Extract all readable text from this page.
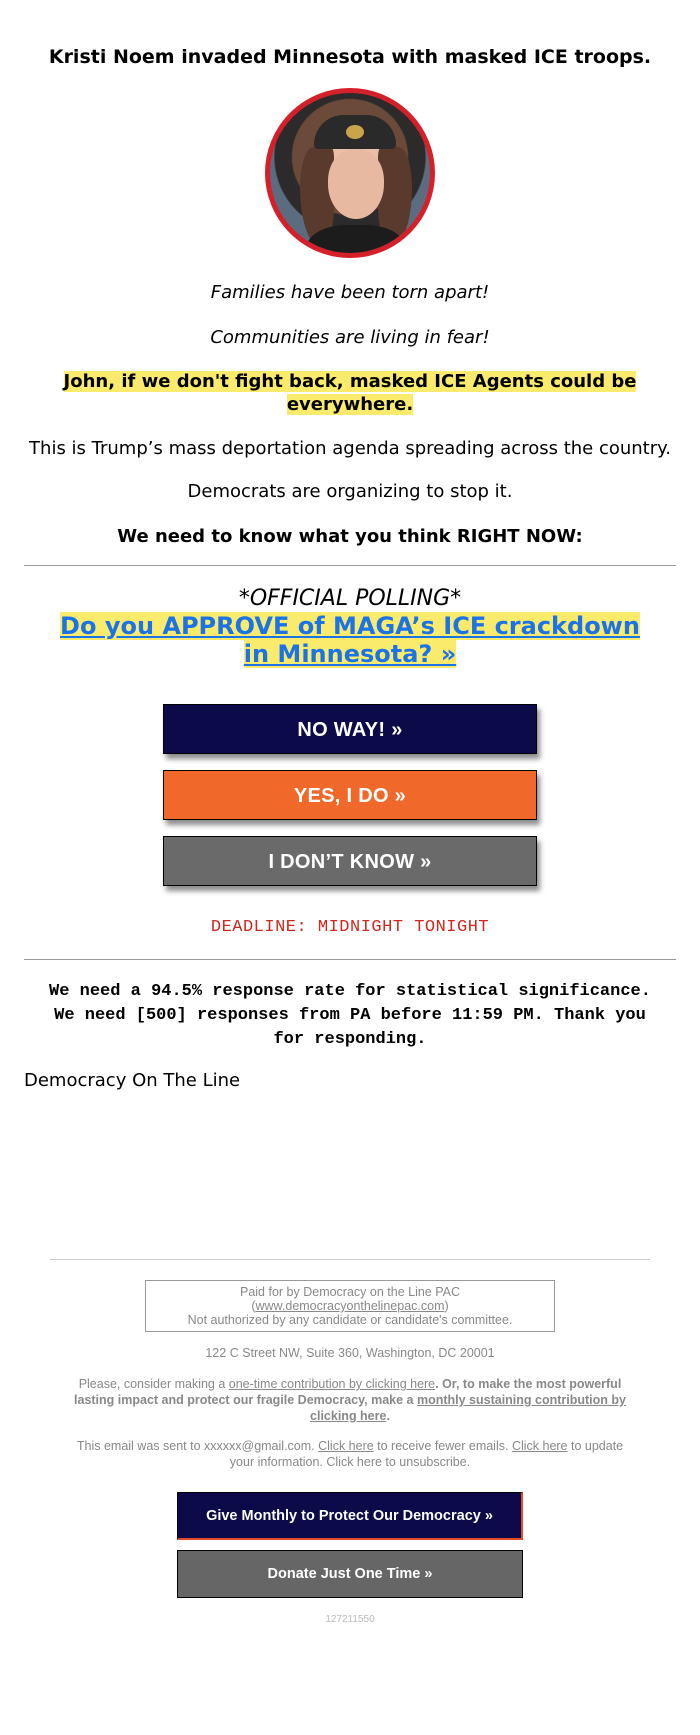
Kristi Noem invaded Minnesota with masked ICE troops.
Families have been torn apart!
Communities are living in fear!
John, if we don't fight back, masked ICE Agents could be everywhere.
This is Trump’s mass deportation agenda spreading across the country.
Democrats are organizing to stop it.
We need to know what you think RIGHT NOW:
*OFFICIAL POLLING*
Do you APPROVE of MAGA’s ICE crackdown in Minnesota? »
NO WAY! »
YES, I DO »
I DON’T KNOW »
DEADLINE: MIDNIGHT TONIGHT
We need a 94.5% response rate for statistical significance. We need [500] responses from PA before 11:59 PM. Thank you for responding.
Democracy On The Line
Paid for by Democracy on the Line PAC
(www.democracyonthelinepac.com)
Not authorized by any candidate or candidate's committee.
122 C Street NW, Suite 360, Washington, DC 20001
Please, consider making a one-time contribution by clicking here. Or, to make the most powerful lasting impact and protect our fragile Democracy, make a monthly sustaining contribution by clicking here.
This email was sent to xxxxxx@gmail.com. Click here to receive fewer emails. Click here to update your information. Click here to unsubscribe.
Give Monthly to Protect Our Democracy »
Donate Just One Time »
127211550
